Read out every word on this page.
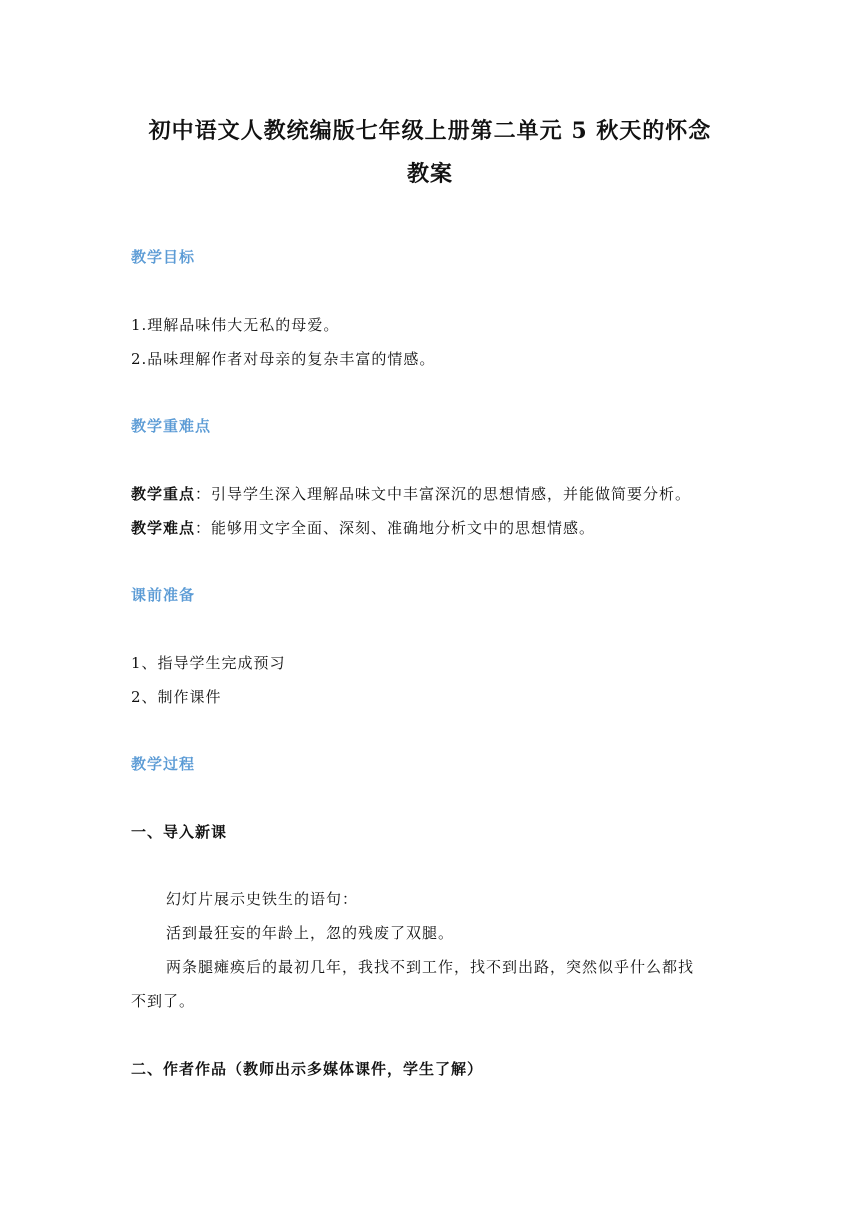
初中语文人教统编版七年级上册第二单元 5 秋天的怀念
教案
教学目标
1.理解品味伟大无私的母爱。
2.品味理解作者对母亲的复杂丰富的情感。
教学重难点
教学重点：引导学生深入理解品味文中丰富深沉的思想情感，并能做简要分析。
教学难点：能够用文字全面、深刻、准确地分析文中的思想情感。
课前准备
1、指导学生完成预习
2、制作课件
教学过程
一、导入新课
幻灯片展示史铁生的语句：
活到最狂妄的年龄上，忽的残废了双腿。
两条腿瘫痪后的最初几年，我找不到工作，找不到出路，突然似乎什么都找
不到了。
二、作者作品（教师出示多媒体课件，学生了解）
